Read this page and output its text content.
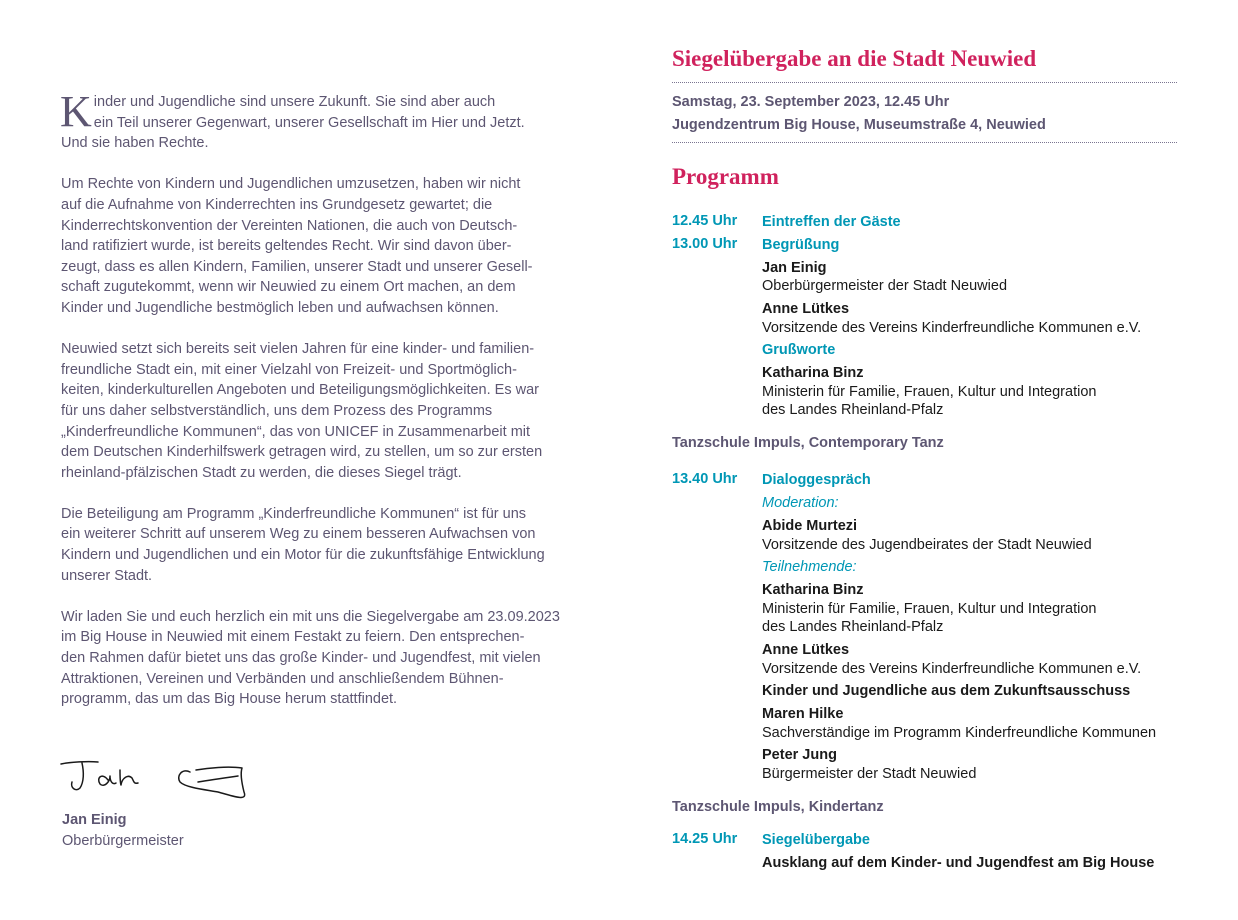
Kinder und Jugendliche sind unsere Zukunft. Sie sind aber auch
ein Teil unserer Gegenwart, unserer Gesellschaft im Hier und Jetzt.
Und sie haben Rechte.

Um Rechte von Kindern und Jugendlichen umzusetzen, haben wir nicht
auf die Aufnahme von Kinderrechten ins Grundgesetz gewartet; die
Kinderrechtskonvention der Vereinten Nationen, die auch von Deutsch-
land ratifiziert wurde, ist bereits geltendes Recht. Wir sind davon über-
zeugt, dass es allen Kindern, Familien, unserer Stadt und unserer Gesell-
schaft zugutekommt, wenn wir Neuwied zu einem Ort machen, an dem
Kinder und Jugendliche bestmöglich leben und aufwachsen können.

Neuwied setzt sich bereits seit vielen Jahren für eine kinder- und familien-
freundliche Stadt ein, mit einer Vielzahl von Freizeit- und Sportmöglich-
keiten, kinderkulturellen Angeboten und Beteiligungsmöglichkeiten. Es war
für uns daher selbstverständlich, uns dem Prozess des Programms
„Kinderfreundliche Kommunen“, das von UNICEF in Zusammenarbeit mit
dem Deutschen Kinderhilfswerk getragen wird, zu stellen, um so zur ersten
rheinland-pfälzischen Stadt zu werden, die dieses Siegel trägt.

Die Beteiligung am Programm „Kinderfreundliche Kommunen“ ist für uns
ein weiterer Schritt auf unserem Weg zu einem besseren Aufwachsen von
Kindern und Jugendlichen und ein Motor für die zukunftsfähige Entwicklung
unserer Stadt.

Wir laden Sie und euch herzlich ein mit uns die Siegelvergabe am 23.09.2023
im Big House in Neuwied mit einem Festakt zu feiern. Den entsprechen-
den Rahmen dafür bietet uns das große Kinder- und Jugendfest, mit vielen
Attraktionen, Vereinen und Verbänden und anschließendem Bühnen-
programm, das um das Big House herum stattfindet.

Jan Einig
Oberbürgermeister
Siegelübergabe an die Stadt Neuwied
Samstag, 23. September 2023, 12.45 Uhr
Jugendzentrum Big House, Museumstraße 4, Neuwied
Programm
12.45 Uhr Eintreffen der Gäste
13.00 Uhr Begrüßung
Jan Einig
Oberbürgermeister der Stadt Neuwied
Anne Lütkes
Vorsitzende des Vereins Kinderfreundliche Kommunen e.V.
Grußworte
Katharina Binz
Ministerin für Familie, Frauen, Kultur und Integration
des Landes Rheinland-Pfalz
Tanzschule Impuls, Contemporary Tanz
13.40 Uhr Dialoggespräch
Moderation:
Abide Murtezi
Vorsitzende des Jugendbeirates der Stadt Neuwied
Teilnehmende:
Katharina Binz
Ministerin für Familie, Frauen, Kultur und Integration
des Landes Rheinland-Pfalz
Anne Lütkes
Vorsitzende des Vereins Kinderfreundliche Kommunen e.V.
Kinder und Jugendliche aus dem Zukunftsausschuss
Maren Hilke
Sachverständige im Programm Kinderfreundliche Kommunen
Peter Jung
Bürgermeister der Stadt Neuwied
Tanzschule Impuls, Kindertanz
14.25 Uhr Siegelübergabe
Ausklang auf dem Kinder- und Jugendfest am Big House
